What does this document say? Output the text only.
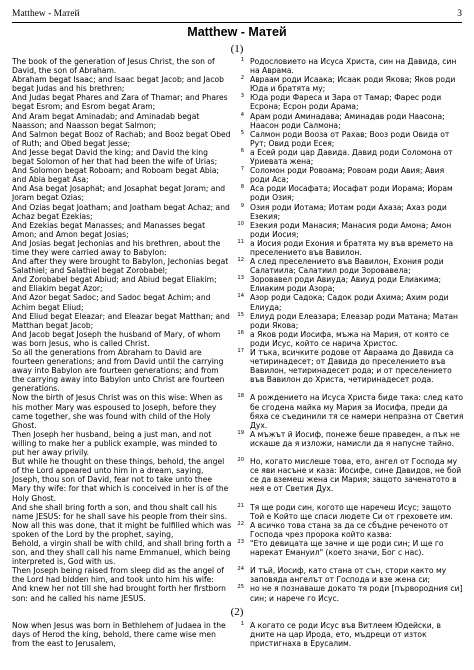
Matthew - Матей	3
Matthew - Матей
(1)
The book of the generation of Jesus Christ, the son of David, the son of Abraham.
1 Родословието на Исуса Христа, син на Давида, син на Аврама.
Abraham begat Isaac; and Isaac begat Jacob; and Jacob begat Judas and his brethren;
2 Авраам роди Исаака; Исаак роди Якова; Яков роди Юда и братята му;
And Judas begat Phares and Zara of Thamar; and Phares begat Esrom; and Esrom begat Aram;
3 Юда роди Фареса и Зара от Тамар; Фарес роди Есрона; Есрон роди Арама;
And Aram begat Aminadab; and Aminadab begat Naasson; and Naasson begat Salmon;
4 Арам роди Аминадава; Аминадав роди Наасона; Наасон роди Салмона;
And Salmon begat Booz of Rachab; and Booz begat Obed of Ruth; and Obed begat Jesse;
5 Салмон роди Вооза от Рахав; Вооз роди Овида от Рут; Овид роди Есея;
And Jesse begat David the king; and David the king begat Solomon of her that had been the wife of Urias;
6 а Есей роди цар Давида. Давид роди Соломона от Уриевата жена;
And Solomon begat Roboam; and Roboam begat Abia; and Abia begat Asa;
7 Соломон роди Ровоама; Ровоам роди Авия; Авия роди Аса;
And Asa begat Josaphat; and Josaphat begat Joram; and Joram begat Ozias;
8 Аса роди Иосафата; Иосафат роди Иорама; Иорам роди Озия;
And Ozias begat Joatham; and Joatham begat Achaz; and Achaz begat Ezekias;
9 Озия роди Иотама; Иотам роди Ахаза; Ахаз роди Езекия;
And Ezekias begat Manasses; and Manasses begat Amon; and Amon begat Josias;
10 Езекия роди Манасия; Манасия роди Амона; Амон роди Иосия;
And Josias begat Jechonias and his brethren, about the time they were carried away to Babylon:
11 а Иосия роди Ехония и братята му във времето на преселението във Вавилон.
And after they were brought to Babylon, Jechonias begat Salathiel; and Salathiel begat Zorobabel;
12 А след преселението във Вавилон, Ехония роди Салатиила; Салатиил роди Зоровавела;
And Zorobabel begat Abiud; and Abiud begat Eliakim; and Eliakim begat Azor;
13 Зоровавел роди Авиуда; Авиуд роди Елиакима; Елиаким роди Азора;
And Azor begat Sadoc; and Sadoc begat Achim; and Achim begat Eliud;
14 Азор роди Садока; Садок роди Ахима; Ахим роди Елиуда;
And Eliud begat Eleazar; and Eleazar begat Matthan; and Matthan begat Jacob;
15 Елиуд роди Елеазара; Елеазар роди Матана; Матан роди Якова;
And Jacob begat Joseph the husband of Mary, of whom was born Jesus, who is called Christ.
16 а Яков роди Иосифа, мъжа на Мария, от която се роди Исус, който се нарича Христос.
So all the generations from Abraham to David are fourteen generations; and from David until the carrying away into Babylon are fourteen generations; and from the carrying away into Babylon unto Christ are fourteen generations.
17 И тъка, всичките родове от Авраама до Давида са четиринадесет; от Давида до преселението във Вавилон, четиринадесет рода; и от преселението във Вавилон до Христа, четиринадесет рода.
Now the birth of Jesus Christ was on this wise: When as his mother Mary was espoused to Joseph, before they came together, she was found with child of the Holy Ghost.
18 А рождението на Исуса Христа биде така: след като бе сгодена майка му Мария за Иосифа, преди да бяха се съединили тя се намери непразна от Светия Дух.
Then Joseph her husband, being a just man, and not willing to make her a publick example, was minded to put her away privily.
19 А мъжът й Иосиф, понеже беше праведен, а пък не искаше да я изложи, намисли да я напусне тайно.
But while he thought on these things, behold, the angel of the Lord appeared unto him in a dream, saying, Joseph, thou son of David, fear not to take unto thee Mary thy wife: for that which is conceived in her is of the Holy Ghost.
20 Но, когато мислеше това, ето, ангел от Господа му се яви насъне и каза: Иосифе, сине Давидов, не бой се да вземеш жена си Мария; защото заченатото в нея е от Светия Дух.
And she shall bring forth a son, and thou shalt call his name JESUS: for he shall save his people from their sins.
21 Тя ще роди син, когото ще наречеш Исус; защото Той е Който ще спаси людете Си от греховете им.
Now all this was done, that it might be fulfilled which was spoken of the Lord by the prophet, saying,
22 А всичко това стана за да се сбъдне реченото от Господа чрез пророка който казва:
Behold, a virgin shall be with child, and shall bring forth a son, and they shall call his name Emmanuel, which being interpreted is, God with us.
23 "Ето девицата ще зачне и ще роди син; И ще го нарекат Емануил" (което значи, Бог с нас).
Then Joseph being raised from sleep did as the angel of the Lord had bidden him, and took unto him his wife:
24 И тъй, Иосиф, като стана от сън, стори както му заповяда ангелът от Господа и взе жена си;
And knew her not till she had brought forth her firstborn son: and he called his name JESUS.
25 но не я познаваше докато тя роди [първородния си] син; и нарече го Исус.
(2)
Now when Jesus was born in Bethlehem of Judaea in the days of Herod the king, behold, there came wise men from the east to Jerusalem,
1 А когато се роди Исус във Витлеем Юдейски, в дните на цар Ирода, ето, мъдреци от изток пристигнаха в Ерусалим.
